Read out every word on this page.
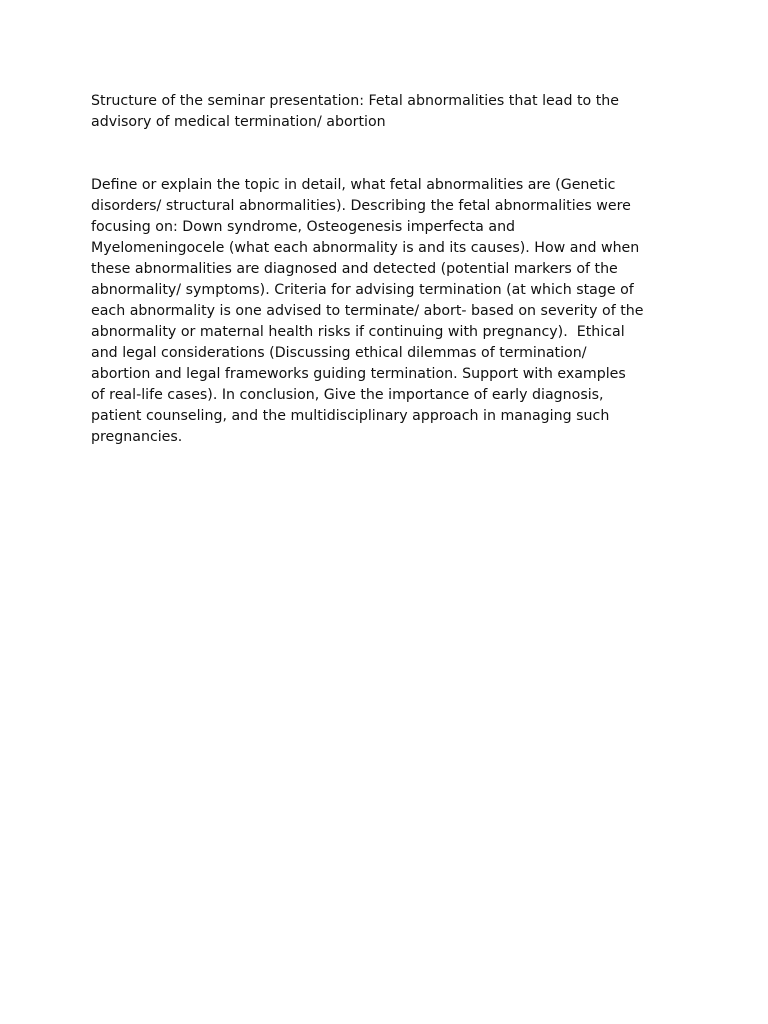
Structure of the seminar presentation: Fetal abnormalities that lead to the
advisory of medical termination/ abortion

Define or explain the topic in detail, what fetal abnormalities are (Genetic
disorders/ structural abnormalities). Describing the fetal abnormalities were
focusing on: Down syndrome, Osteogenesis imperfecta and
Myelomeningocele (what each abnormality is and its causes). How and when
these abnormalities are diagnosed and detected (potential markers of the
abnormality/ symptoms). Criteria for advising termination (at which stage of
each abnormality is one advised to terminate/ abort- based on severity of the
abnormality or maternal health risks if continuing with pregnancy).  Ethical
and legal considerations (Discussing ethical dilemmas of termination/
abortion and legal frameworks guiding termination. Support with examples
of real-life cases). In conclusion, Give the importance of early diagnosis,
patient counseling, and the multidisciplinary approach in managing such
pregnancies.
